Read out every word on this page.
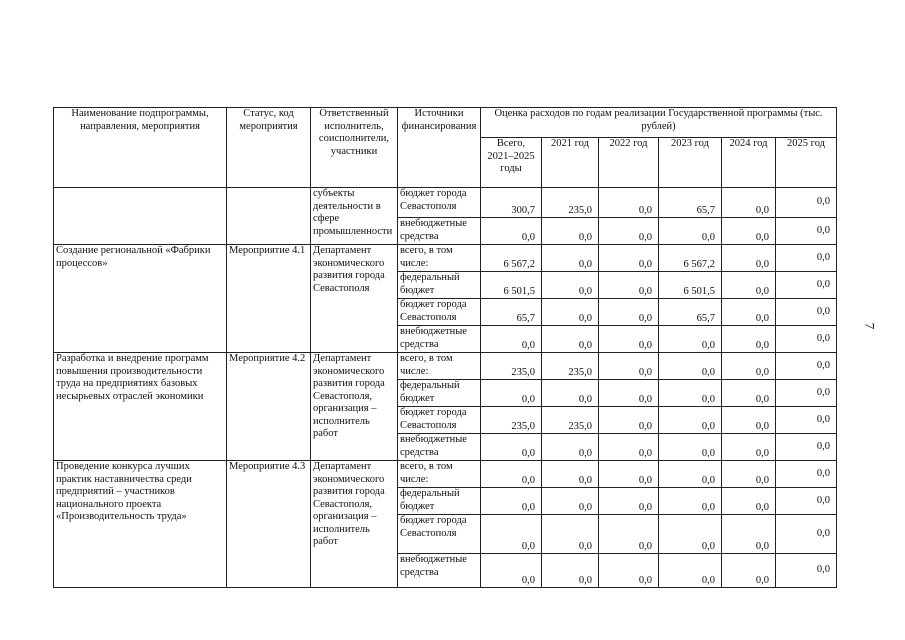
Наименование подпрограммы, направления, мероприятия	Статус, код мероприятия	Ответственный исполнитель, соисполнители, участники	Источники финансирования	Оценка расходов по годам реализации Государственной программы (тыс. рублей)					
				Всего, 2021–2025 годы	2021 год	2022 год	2023 год	2024 год	2025 год
		субъекты деятельности в сфере промышленности	бюджет города Севастополя	300,7	235,0	0,0	65,7	0,0	0,0
			внебюджетные средства	0,0	0,0	0,0	0,0	0,0	0,0
Создание региональной «Фабрики процессов»	Мероприятие 4.1	Департамент экономического развития города Севастополя	всего, в том числе:	6 567,2	0,0	0,0	6 567,2	0,0	0,0
			федеральный бюджет	6 501,5	0,0	0,0	6 501,5	0,0	0,0
			бюджет города Севастополя	65,7	0,0	0,0	65,7	0,0	0,0
			внебюджетные средства	0,0	0,0	0,0	0,0	0,0	0,0
Разработка и внедрение программ повышения производительности труда на предприятиях базовых несырьевых отраслей экономики	Мероприятие 4.2	Департамент экономического развития города Севастополя, организация – исполнитель работ	всего, в том числе:	235,0	235,0	0,0	0,0	0,0	0,0
			федеральный бюджет	0,0	0,0	0,0	0,0	0,0	0,0
			бюджет города Севастополя	235,0	235,0	0,0	0,0	0,0	0,0
			внебюджетные средства	0,0	0,0	0,0	0,0	0,0	0,0
Проведение конкурса лучших практик наставничества среди предприятий – участников национального проекта «Производительность труда»	Мероприятие 4.3	Департамент экономического развития города Севастополя, организация – исполнитель работ	всего, в том числе:	0,0	0,0	0,0	0,0	0,0	0,0
			федеральный бюджет	0,0	0,0	0,0	0,0	0,0	0,0
			бюджет города Севастополя	0,0	0,0	0,0	0,0	0,0	0,0
			внебюджетные средства	0,0	0,0	0,0	0,0	0,0	0,0
7
